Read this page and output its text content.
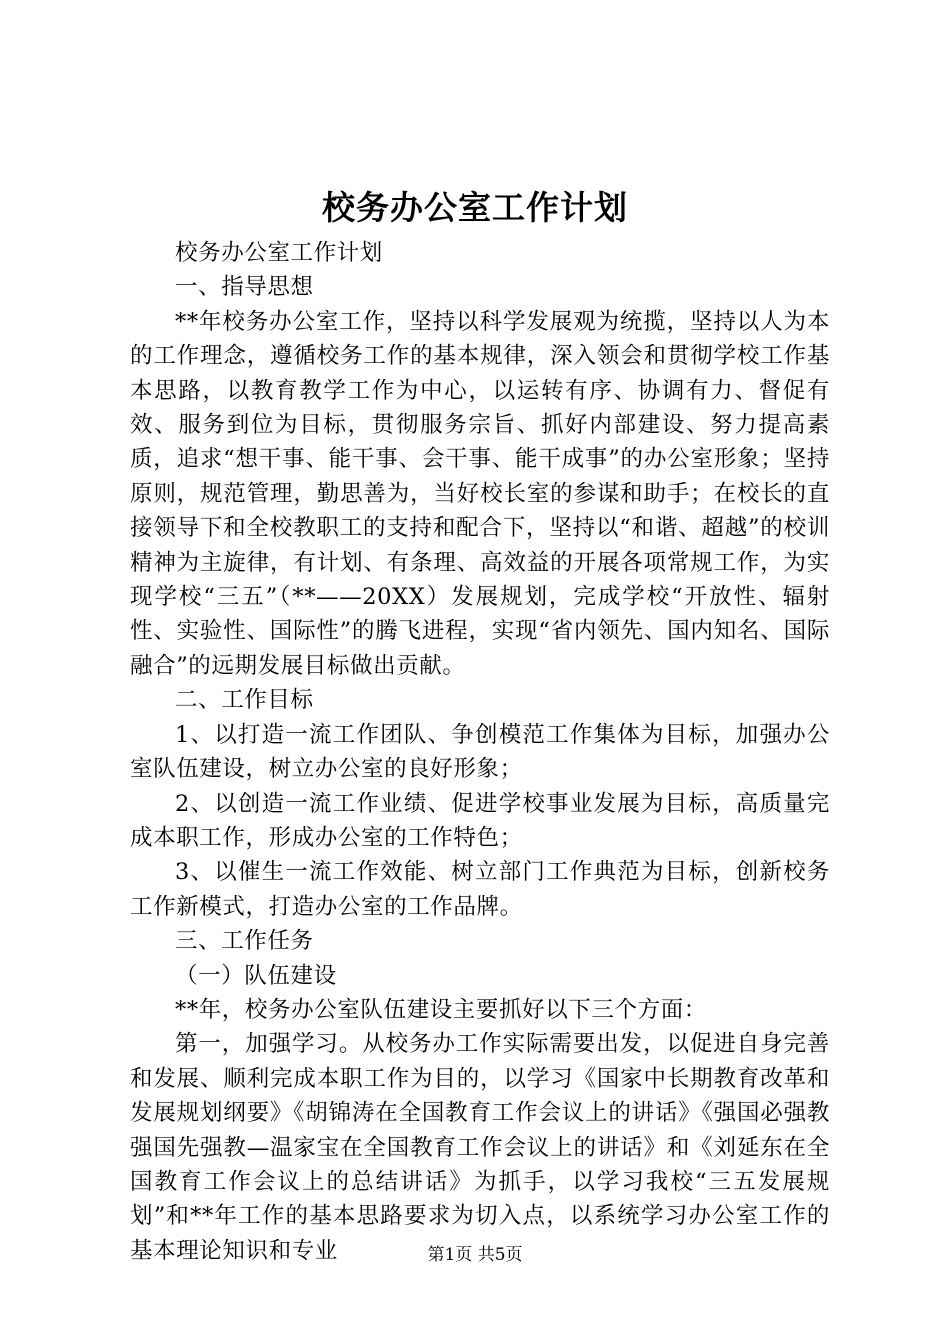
校务办公室工作计划

校务办公室工作计划

一、指导思想

**年校务办公室工作，坚持以科学发展观为统揽，坚持以人为本的工作理念，遵循校务工作的基本规律，深入领会和贯彻学校工作基本思路，以教育教学工作为中心，以运转有序、协调有力、督促有效、服务到位为目标，贯彻服务宗旨、抓好内部建设、努力提高素质，追求“想干事、能干事、会干事、能干成事”的办公室形象；坚持原则，规范管理，勤思善为，当好校长室的参谋和助手；在校长的直接领导下和全校教职工的支持和配合下，坚持以“和谐、超越”的校训精神为主旋律，有计划、有条理、高效益的开展各项常规工作，为实现学校“三五”（**——20XX）发展规划，完成学校“开放性、辐射性、实验性、国际性”的腾飞进程，实现“省内领先、国内知名、国际融合”的远期发展目标做出贡献。

二、工作目标

1、以打造一流工作团队、争创模范工作集体为目标，加强办公室队伍建设，树立办公室的良好形象；

2、以创造一流工作业绩、促进学校事业发展为目标，高质量完成本职工作，形成办公室的工作特色；

3、以催生一流工作效能、树立部门工作典范为目标，创新校务工作新模式，打造办公室的工作品牌。

三、工作任务

（一）队伍建设

**年，校务办公室队伍建设主要抓好以下三个方面：

第一，加强学习。从校务办工作实际需要出发，以促进自身完善和发展、顺利完成本职工作为目的，以学习《国家中长期教育改革和发展规划纲要》《胡锦涛在全国教育工作会议上的讲话》《强国必强教强国先强教—温家宝在全国教育工作会议上的讲话》和《刘延东在全国教育工作会议上的总结讲话》为抓手，以学习我校“三五发展规划”和**年工作的基本思路要求为切入点，以系统学习办公室工作的基本理论知识和专业	第1页 共5页
